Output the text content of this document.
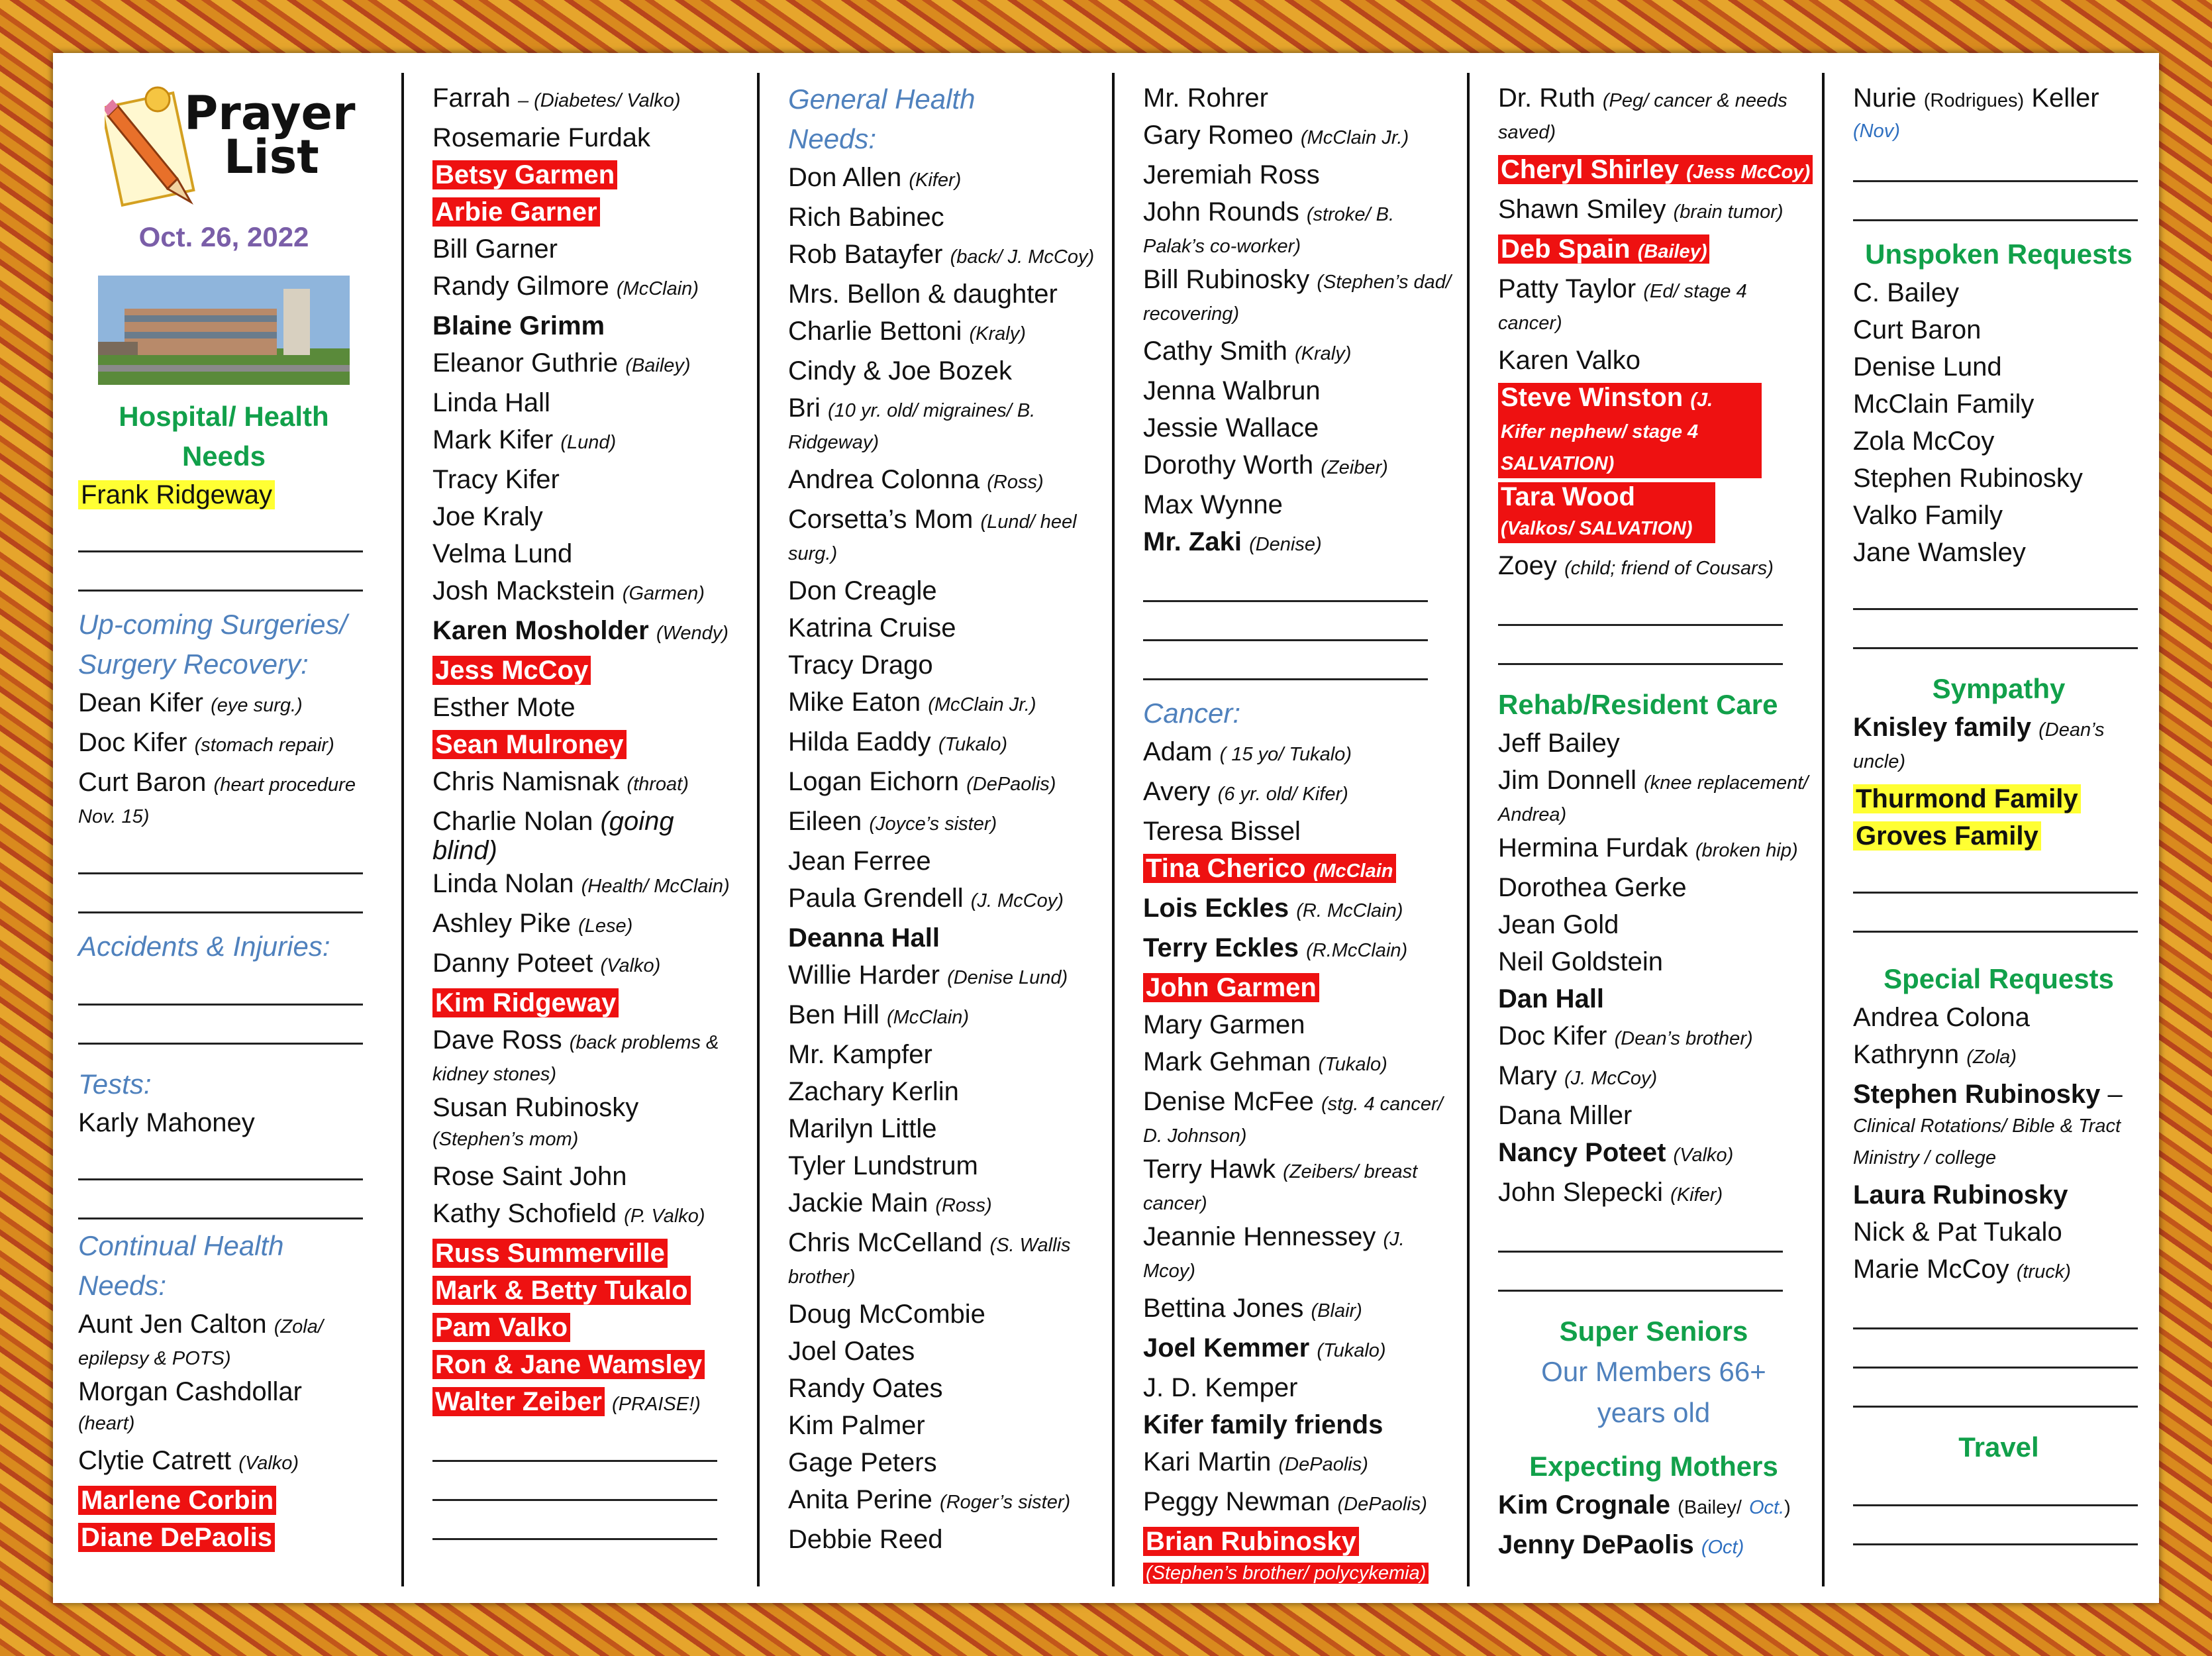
Prayer
List
Oct. 26, 2022
Hospital/ Health Needs
Frank Ridgeway
Up-coming Surgeries/ Surgery Recovery:
Dean Kifer (eye surg.)
Doc Kifer (stomach repair)
Curt Baron (heart procedure Nov. 15)
Accidents & Injuries:
Tests:
Karly Mahoney
Continual Health Needs:
Aunt Jen Calton (Zola/ epilepsy & POTS)
Morgan Cashdollar
(heart)
Clytie Catrett (Valko)
Marlene Corbin
Diane DePaolis
Farrah – (Diabetes/ Valko)
Rosemarie Furdak
Betsy Garmen
Arbie Garner
Bill Garner
Randy Gilmore (McClain)
Blaine Grimm
Eleanor Guthrie (Bailey)
Linda Hall
Mark Kifer (Lund)
Tracy Kifer
Joe Kraly
Velma Lund
Josh Mackstein (Garmen)
Karen Mosholder (Wendy)
Jess McCoy
Esther Mote
Sean Mulroney
Chris Namisnak (throat)
Charlie Nolan (going blind)
Linda Nolan (Health/ McClain)
Ashley Pike (Lese)
Danny Poteet (Valko)
Kim Ridgeway
Dave Ross (back problems & kidney stones)
Susan Rubinosky
(Stephen’s mom)
Rose Saint John
Kathy Schofield (P. Valko)
Russ Summerville
Mark & Betty Tukalo
Pam Valko
Ron & Jane Wamsley
Walter Zeiber (PRAISE!)
General Health Needs:
Don Allen (Kifer)
Rich Babinec
Rob Batayfer (back/ J. McCoy)
Mrs. Bellon & daughter
Charlie Bettoni (Kraly)
Cindy & Joe Bozek
Bri (10 yr. old/ migraines/ B. Ridgeway)
Andrea Colonna (Ross)
Corsetta’s Mom (Lund/ heel surg.)
Don Creagle
Katrina Cruise
Tracy Drago
Mike Eaton (McClain Jr.)
Hilda Eaddy (Tukalo)
Logan Eichorn (DePaolis)
Eileen (Joyce’s sister)
Jean Ferree
Paula Grendell (J. McCoy)
Deanna Hall
Willie Harder (Denise Lund)
Ben Hill (McClain)
Mr. Kampfer
Zachary Kerlin
Marilyn Little
Tyler Lundstrum
Jackie Main (Ross)
Chris McCelland (S. Wallis brother)
Doug McCombie
Joel Oates
Randy Oates
Kim Palmer
Gage Peters
Anita Perine (Roger’s sister)
Debbie Reed
Mr. Rohrer
Gary Romeo (McClain Jr.)
Jeremiah Ross
John Rounds (stroke/ B. Palak’s co-worker)
Bill Rubinosky (Stephen’s dad/ recovering)
Cathy Smith (Kraly)
Jenna Walbrun
Jessie Wallace
Dorothy Worth (Zeiber)
Max Wynne
Mr. Zaki (Denise)
Cancer:
Adam ( 15 yo/ Tukalo)
Avery (6 yr. old/ Kifer)
Teresa Bissel
Tina Cherico (McClain
Lois Eckles (R. McClain)
Terry Eckles (R.McClain)
John Garmen
Mary Garmen
Mark Gehman (Tukalo)
Denise McFee (stg. 4 cancer/ D. Johnson)
Terry Hawk (Zeibers/ breast cancer)
Jeannie Hennessey (J. Mcoy)
Bettina Jones (Blair)
Joel Kemmer (Tukalo)
J. D. Kemper
Kifer family friends
Kari Martin (DePaolis)
Peggy Newman (DePaolis)
Brian Rubinosky
(Stephen’s brother/ polycykemia)
Dr. Ruth (Peg/ cancer & needs saved)
Cheryl Shirley (Jess McCoy)
Shawn Smiley (brain tumor)
Deb Spain (Bailey)
Patty Taylor (Ed/ stage 4 cancer)
Karen Valko
Steve Winston (J. Kifer nephew/ stage 4 SALVATION)
Tara Wood (Valkos/ SALVATION)
Zoey (child; friend of Cousars)
Rehab/Resident Care
Jeff Bailey
Jim Donnell (knee replacement/ Andrea)
Hermina Furdak (broken hip)
Dorothea Gerke
Jean Gold
Neil Goldstein
Dan Hall
Doc Kifer (Dean’s brother)
Mary (J. McCoy)
Dana Miller
Nancy Poteet (Valko)
John Slepecki (Kifer)
Super Seniors
Our Members 66+ years old
Expecting Mothers
Kim Crognale (Bailey/ Oct.)
Jenny DePaolis (Oct)
Nurie (Rodrigues) Keller
(Nov)
Unspoken Requests
C. Bailey
Curt Baron
Denise Lund
McClain Family
Zola McCoy
Stephen Rubinosky
Valko Family
Jane Wamsley
Sympathy
Knisley family (Dean’s uncle)
Thurmond Family
Groves Family
Special Requests
Andrea Colona
Kathrynn (Zola)
Stephen Rubinosky –
Clinical Rotations/ Bible & Tract Ministry / college
Laura Rubinosky
Nick & Pat Tukalo
Marie McCoy (truck)
Travel
